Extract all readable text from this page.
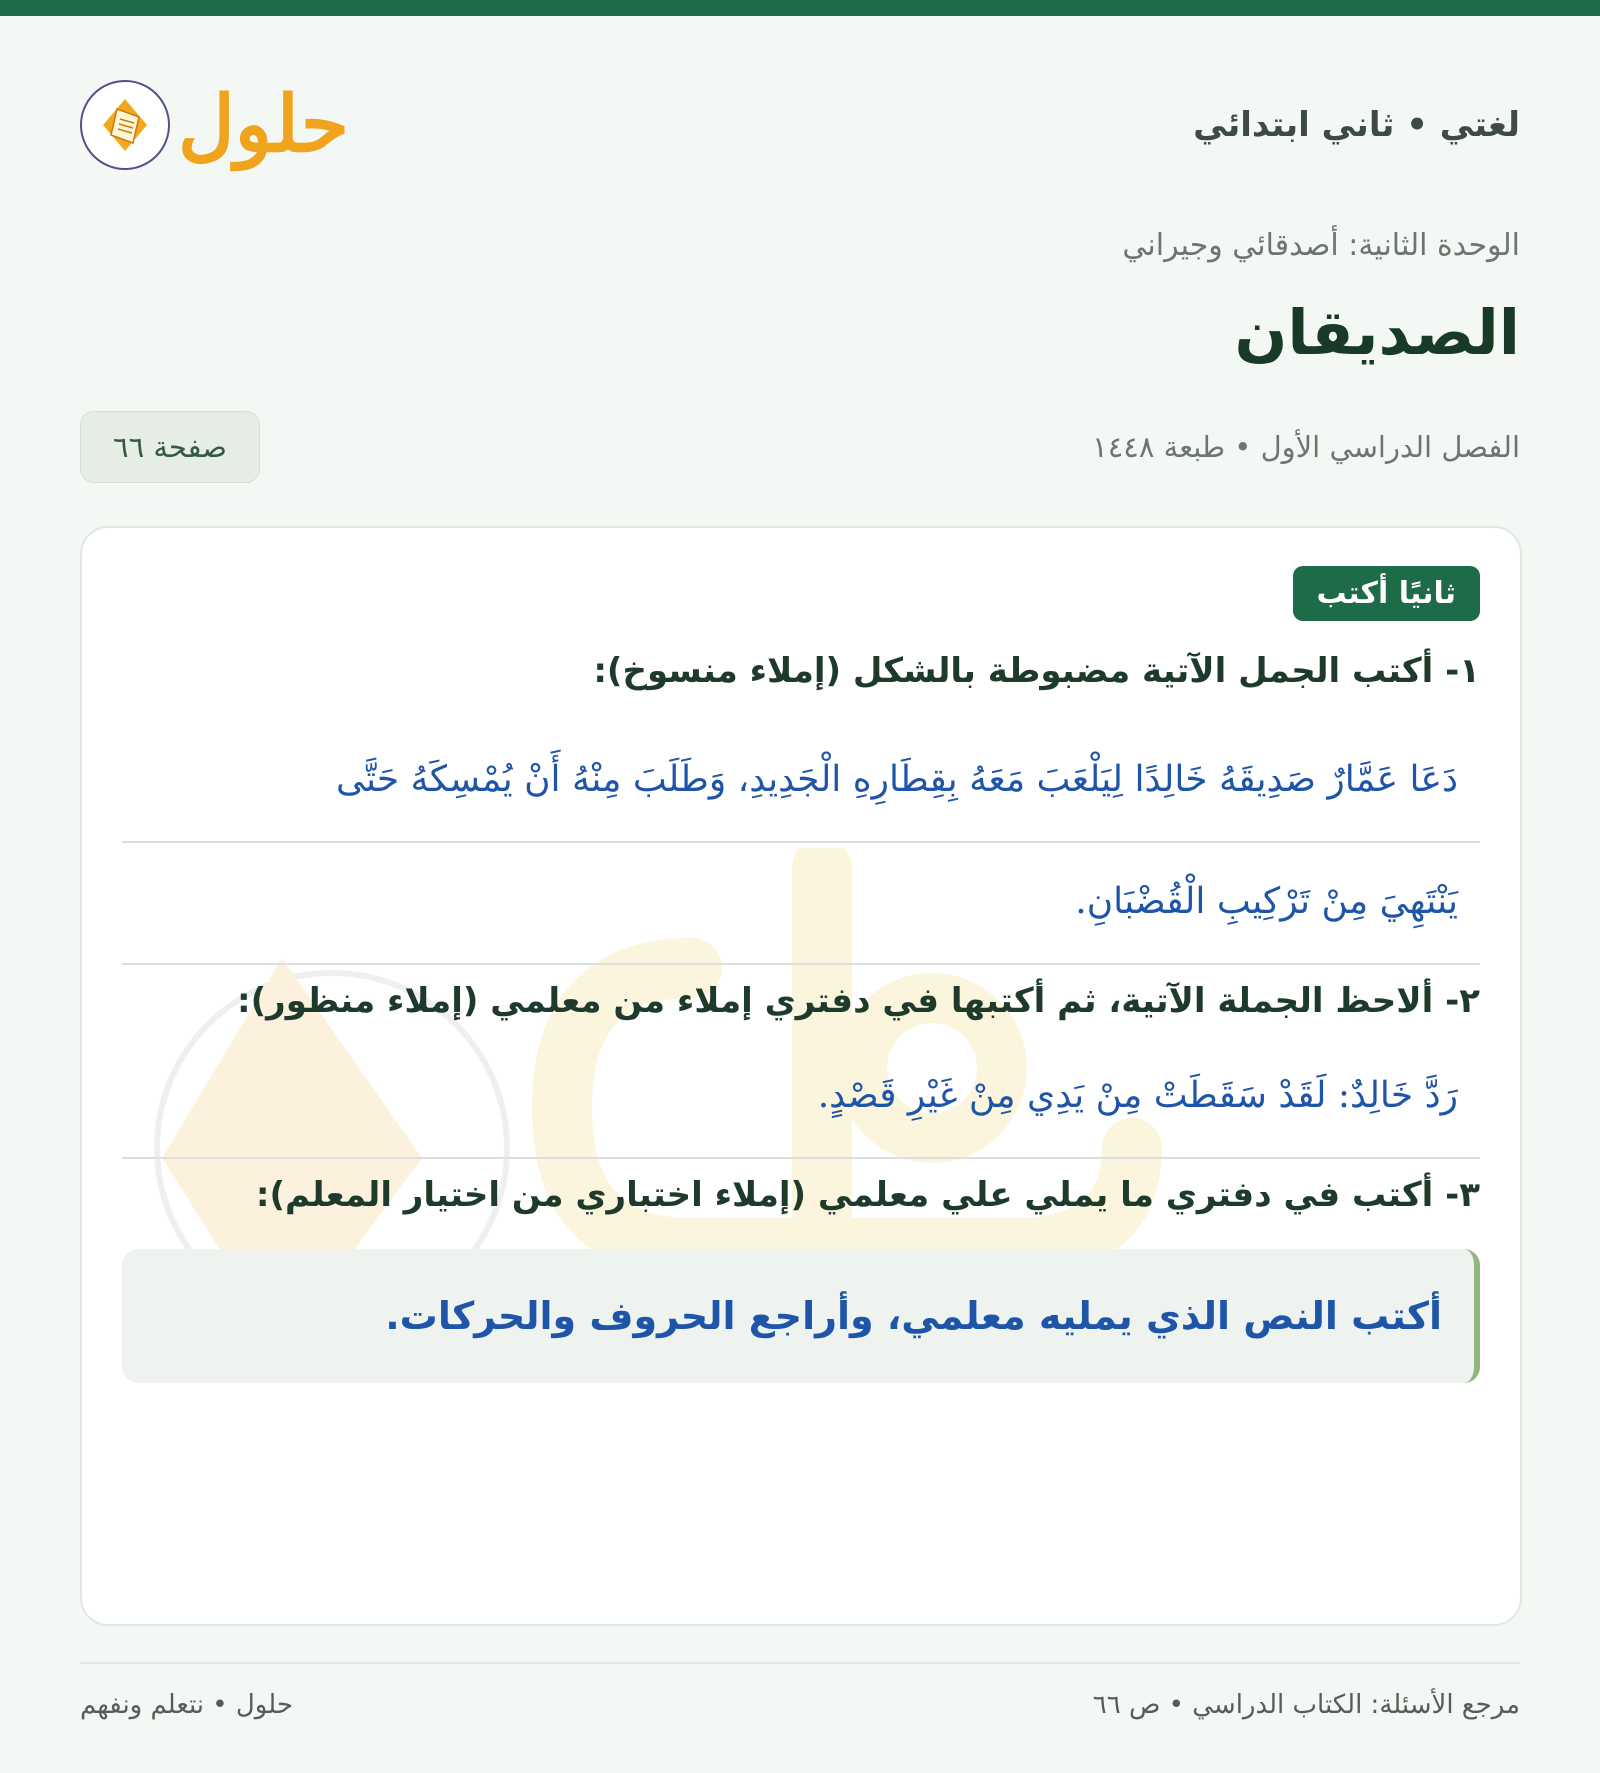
لغتي • ثاني ابتدائي
حلول
الوحدة الثانية: أصدقائي وجيراني
الصديقان
الفصل الدراسي الأول • طبعة ١٤٤٨
صفحة ٦٦
ثانيًا أكتب
١- أكتب الجمل الآتية مضبوطة بالشكل (إملاء منسوخ):
دَعَا عَمَّارٌ صَدِيقَهُ خَالِدًا لِيَلْعَبَ مَعَهُ بِقِطَارِهِ الْجَدِيدِ، وَطَلَبَ مِنْهُ أَنْ يُمْسِكَهُ حَتَّى
يَنْتَهِيَ مِنْ تَرْكِيبِ الْقُضْبَانِ.
٢- ألاحظ الجملة الآتية، ثم أكتبها في دفتري إملاء من معلمي (إملاء منظور):
رَدَّ خَالِدٌ: لَقَدْ سَقَطَتْ مِنْ يَدِي مِنْ غَيْرِ قَصْدٍ.
٣- أكتب في دفتري ما يملي علي معلمي (إملاء اختباري من اختيار المعلم):
أكتب النص الذي يمليه معلمي، وأراجع الحروف والحركات.
مرجع الأسئلة: الكتاب الدراسي • ص ٦٦
حلول • نتعلم ونفهم
